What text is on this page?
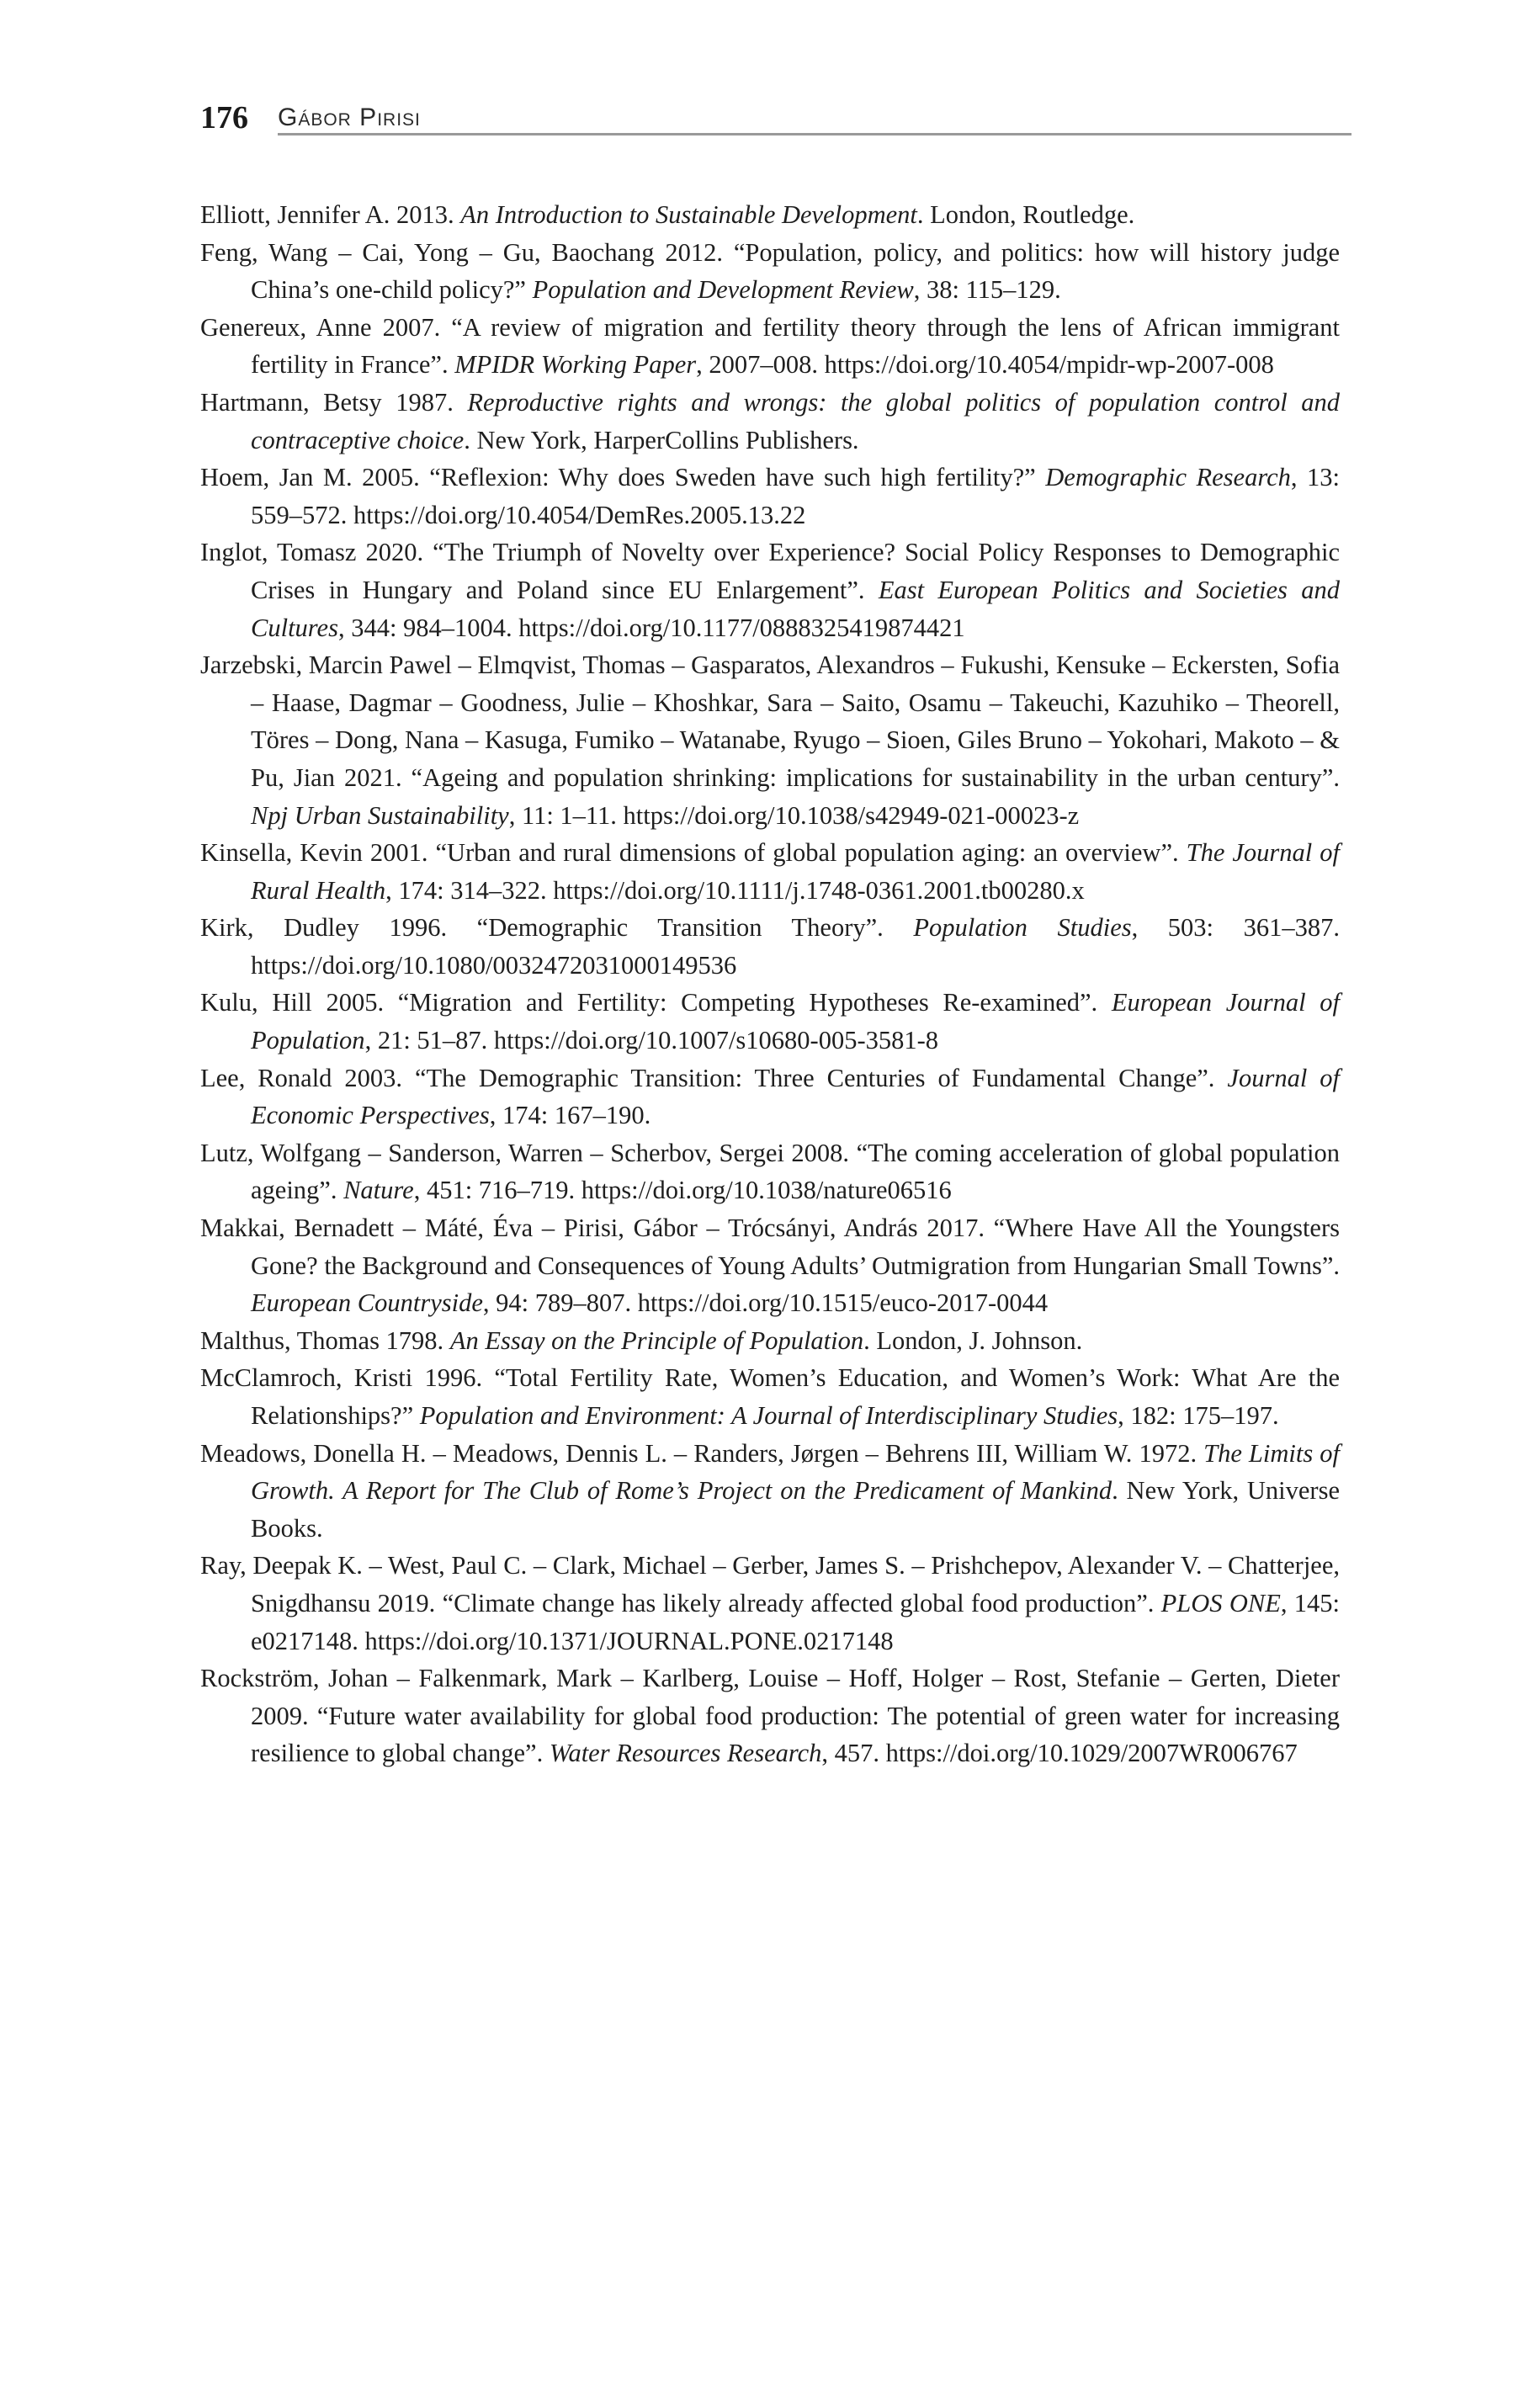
176 Gábor Pirisi

Elliott, Jennifer A. 2013. An Introduction to Sustainable Development. London, Routledge.

Feng, Wang – Cai, Yong – Gu, Baochang 2012. “Population, policy, and politics: how will history judge China’s one-child policy?” Population and Development Review, 38: 115–129.

Genereux, Anne 2007. “A review of migration and fertility theory through the lens of African immigrant fertility in France”. MPIDR Working Paper, 2007–008. https://doi.org/10.4054/mpidr-wp-2007-008

Hartmann, Betsy 1987. Reproductive rights and wrongs: the global politics of population control and contraceptive choice. New York, HarperCollins Publishers.

Hoem, Jan M. 2005. “Reflexion: Why does Sweden have such high fertility?” Demographic Research, 13: 559–572. https://doi.org/10.4054/DemRes.2005.13.22

Inglot, Tomasz 2020. “The Triumph of Novelty over Experience? Social Policy Responses to Demographic Crises in Hungary and Poland since EU Enlargement”. East European Politics and Societies and Cultures, 344: 984–1004. https://doi.org/10.1177/0888325419874421

Jarzebski, Marcin Pawel – Elmqvist, Thomas – Gasparatos, Alexandros – Fukushi, Kensuke – Eckersten, Sofia – Haase, Dagmar – Goodness, Julie – Khoshkar, Sara – Saito, Osamu – Takeuchi, Kazuhiko – Theorell, Töres – Dong, Nana – Kasuga, Fumiko – Watanabe, Ryugo – Sioen, Giles Bruno – Yokohari, Makoto – & Pu, Jian 2021. “Ageing and population shrinking: implications for sustainability in the urban century”. Npj Urban Sustainability, 11: 1–11. https://doi.org/10.1038/s42949-021-00023-z

Kinsella, Kevin 2001. “Urban and rural dimensions of global population aging: an overview”. The Journal of Rural Health, 174: 314–322. https://doi.org/10.1111/j.1748-0361.2001.tb00280.x

Kirk, Dudley 1996. “Demographic Transition Theory”. Population Studies, 503: 361–387. https://doi.org/10.1080/0032472031000149536

Kulu, Hill 2005. “Migration and Fertility: Competing Hypotheses Re-examined”. European Journal of Population, 21: 51–87. https://doi.org/10.1007/s10680-005-3581-8

Lee, Ronald 2003. “The Demographic Transition: Three Centuries of Fundamental Change”. Journal of Economic Perspectives, 174: 167–190.

Lutz, Wolfgang – Sanderson, Warren – Scherbov, Sergei 2008. “The coming acceleration of global population ageing”. Nature, 451: 716–719. https://doi.org/10.1038/nature06516

Makkai, Bernadett – Máté, Éva – Pirisi, Gábor – Trócsányi, András 2017. “Where Have All the Youngsters Gone? the Background and Consequences of Young Adults’ Outmigration from Hungarian Small Towns”. European Countryside, 94: 789–807. https://doi.org/10.1515/euco-2017-0044

Malthus, Thomas 1798. An Essay on the Principle of Population. London, J. Johnson.

McClamroch, Kristi 1996. “Total Fertility Rate, Women’s Education, and Women’s Work: What Are the Relationships?” Population and Environment: A Journal of Interdisciplinary Studies, 182: 175–197.

Meadows, Donella H. – Meadows, Dennis L. – Randers, Jørgen – Behrens III, William W. 1972. The Limits of Growth. A Report for The Club of Rome’s Project on the Predicament of Mankind. New York, Universe Books.

Ray, Deepak K. – West, Paul C. – Clark, Michael – Gerber, James S. – Prishchepov, Alexander V. – Chatterjee, Snigdhansu 2019. “Climate change has likely already affected global food production”. PLOS ONE, 145: e0217148. https://doi.org/10.1371/JOURNAL.PONE.0217148

Rockström, Johan – Falkenmark, Mark – Karlberg, Louise – Hoff, Holger – Rost, Stefanie – Gerten, Dieter 2009. “Future water availability for global food production: The potential of green water for increasing resilience to global change”. Water Resources Research, 457. https://doi.org/10.1029/2007WR006767
